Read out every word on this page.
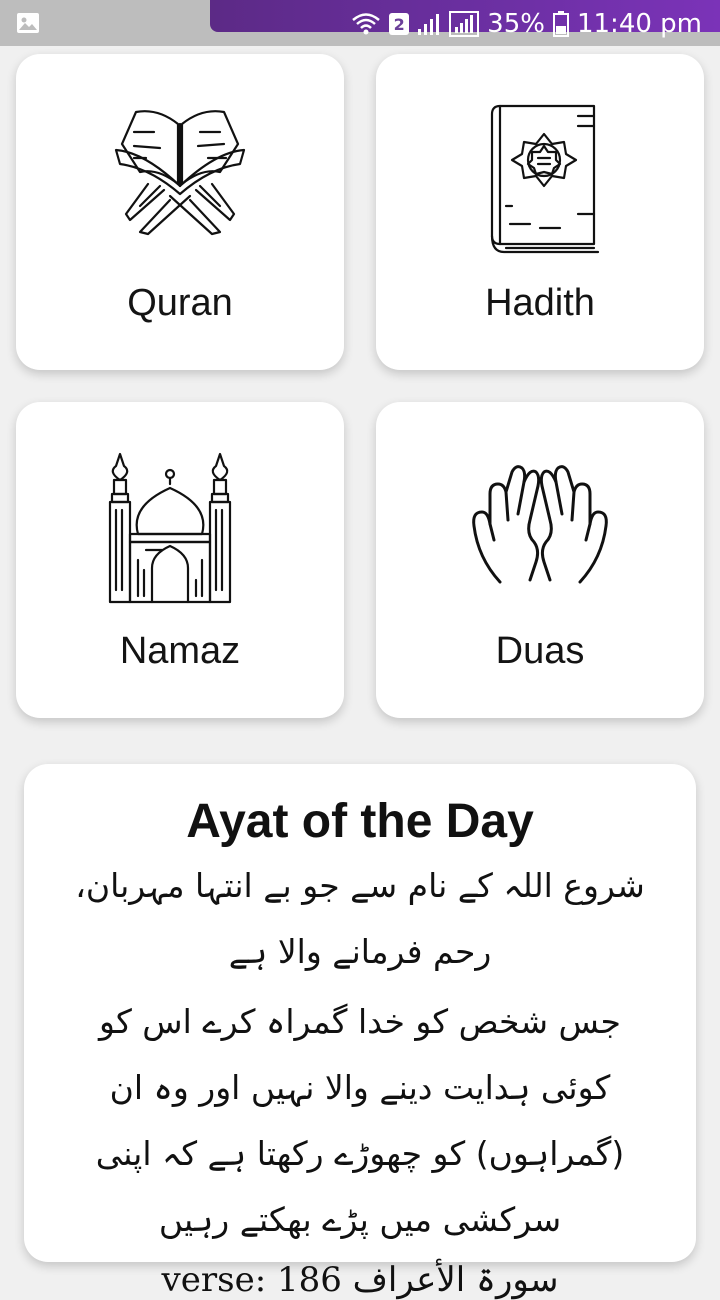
2	35% 11:40 pm
Quran	Hadith
Namaz	Duas
Ayat of the Day

شروع اللہ کے نام سے جو بے انتہا مہربان، رحم فرمانے والا ہے

جس شخص کو خدا گمراہ کرے اس کو کوئی ہدایت دینے والا نہیں اور وہ ان (گمراہوں) کو چھوڑے رکھتا ہے کہ اپنی سرکشی میں پڑے بھکتے رہیں

سورۃ الأعراف verse: 186
